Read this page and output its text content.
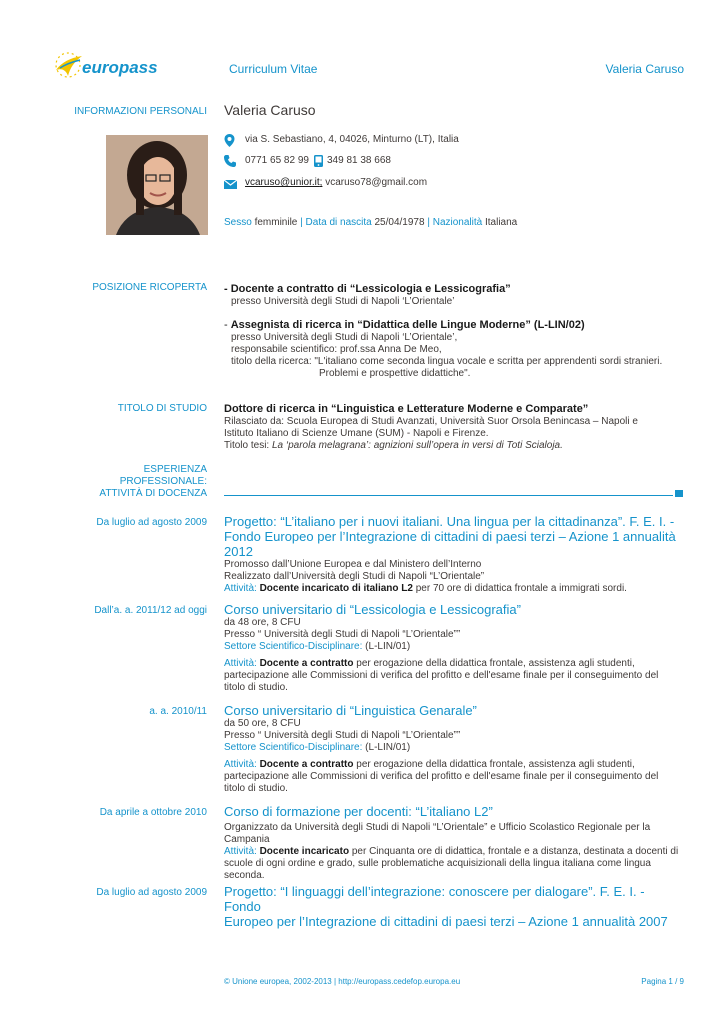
europass	Curriculum Vitae	Valeria Caruso
INFORMAZIONI PERSONALI Valeria Caruso
via S. Sebastiano, 4, 04026, Minturno (LT), Italia
0771 65 82 99 349 81 38 668
vcaruso@unior.it; vcaruso78@gmail.com
Sesso femminile | Data di nascita 25/04/1978 | Nazionalità Italiana
POSIZIONE RICOPERTA - Docente a contratto di “Lessicologia e Lessicografia”
presso Università degli Studi di Napoli ‘L’Orientale’
- Assegnista di ricerca in “Didattica delle Lingue Moderne” (L-LIN/02)
presso Università degli Studi di Napoli ‘L’Orientale’,
responsabile scientifico: prof.ssa Anna De Meo,
titolo della ricerca: "L'italiano come seconda lingua vocale e scritta per apprendenti sordi stranieri.
Problemi e prospettive didattiche".
TITOLO DI STUDIO Dottore di ricerca in “Linguistica e Letterature Moderne e Comparate”
Rilasciato da: Scuola Europea di Studi Avanzati, Università Suor Orsola Benincasa – Napoli e
Istituto Italiano di Scienze Umane (SUM) - Napoli e Firenze.
Titolo tesi: La ‘parola melagrana’: agnizioni sull’opera in versi di Toti Scialoja.
ESPERIENZA
PROFESSIONALE:
ATTIVITÀ DI DOCENZA
Da luglio ad agosto 2009 Progetto: “L’italiano per i nuovi italiani. Una lingua per la cittadinanza”. F. E. I. -
Fondo Europeo per l’Integrazione di cittadini di paesi terzi – Azione 1 annualità
2012
Promosso dall’Unione Europea e dal Ministero dell’Interno
Realizzato dall’Università degli Studi di Napoli “L’Orientale”
Attività: Docente incaricato di italiano L2 per 70 ore di didattica frontale a immigrati sordi.
Dall’a. a. 2011/12 ad oggi Corso universitario di “Lessicologia e Lessicografia”
da 48 ore, 8 CFU
Presso “ Università degli Studi di Napoli “L’Orientale””
Settore Scientifico-Disciplinare: (L-LIN/01)
Attività: Docente a contratto per erogazione della didattica frontale, assistenza agli studenti,
partecipazione alle Commissioni di verifica del profitto e dell'esame finale per il conseguimento del
titolo di studio.
a. a. 2010/11 Corso universitario di “Linguistica Genarale”
da 50 ore, 8 CFU
Presso “ Università degli Studi di Napoli “L’Orientale””
Settore Scientifico-Disciplinare: (L-LIN/01)
Attività: Docente a contratto per erogazione della didattica frontale, assistenza agli studenti,
partecipazione alle Commissioni di verifica del profitto e dell'esame finale per il conseguimento del
titolo di studio.
Da aprile a ottobre 2010 Corso di formazione per docenti: “L’italiano L2”
Organizzato da Università degli Studi di Napoli “L’Orientale” e Ufficio Scolastico Regionale per la
Campania
Attività: Docente incaricato per Cinquanta ore di didattica, frontale e a distanza, destinata a docenti di
scuole di ogni ordine e grado, sulle problematiche acquisizionali della lingua italiana come lingua
seconda.
Da luglio ad agosto 2009 Progetto: “I linguaggi dell’integrazione: conoscere per dialogare”. F. E. I. - Fondo
Europeo per l’Integrazione di cittadini di paesi terzi – Azione 1 annualità 2007
© Unione europea, 2002-2013 | http://europass.cedefop.europa.eu	Pagina 1 / 9
